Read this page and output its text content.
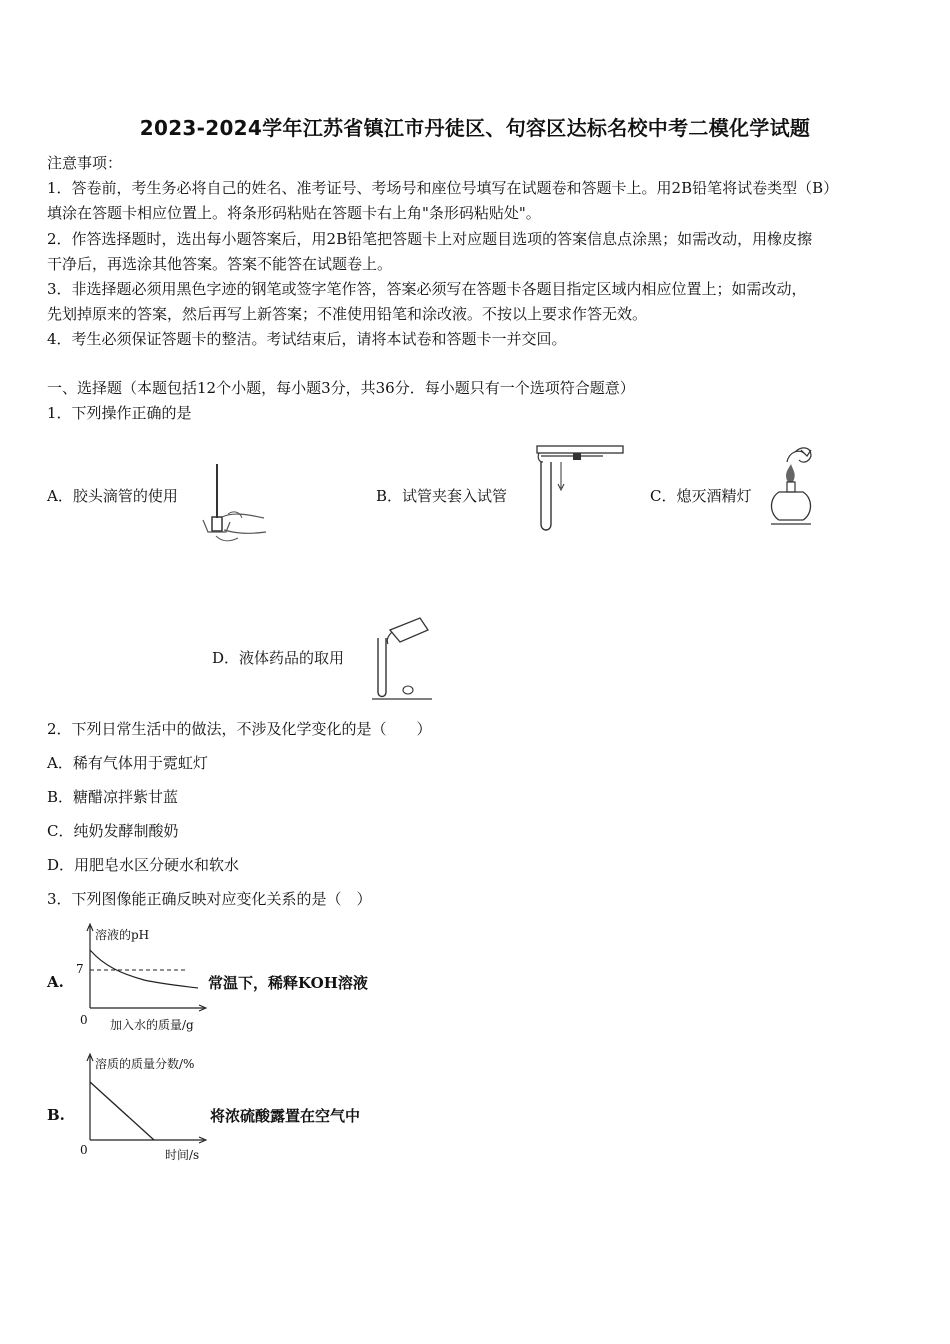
2023-2024学年江苏省镇江市丹徒区、句容区达标名校中考二模化学试题
注意事项：
1．答卷前，考生务必将自己的姓名、准考证号、考场号和座位号填写在试题卷和答题卡上。用2B铅笔将试卷类型（B）
填涂在答题卡相应位置上。将条形码粘贴在答题卡右上角"条形码粘贴处"。
2．作答选择题时，选出每小题答案后，用2B铅笔把答题卡上对应题目选项的答案信息点涂黑；如需改动，用橡皮擦
干净后，再选涂其他答案。答案不能答在试题卷上。
3．非选择题必须用黑色字迹的钢笔或签字笔作答，答案必须写在答题卡各题目指定区域内相应位置上；如需改动，
先划掉原来的答案，然后再写上新答案；不准使用铅笔和涂改液。不按以上要求作答无效。
4．考生必须保证答题卡的整洁。考试结束后，请将本试卷和答题卡一并交回。
一、选择题（本题包括12个小题，每小题3分，共36分．每小题只有一个选项符合题意）
1．下列操作正确的是
A．胶头滴管的使用	B．试管夹套入试管	C．熄灭酒精灯
D．液体药品的取用
2．下列日常生活中的做法，不涉及化学变化的是（　　）
A．稀有气体用于霓虹灯
B．糖醋凉拌紫甘蓝
C．纯奶发酵制酸奶
D．用肥皂水区分硬水和软水
3．下列图像能正确反映对应变化关系的是（　）
A.
溶液的pH
7
0 加入水的质量/g
常温下，稀释KOH溶液
B.
溶质的质量分数/%
0	时间/s
将浓硫酸露置在空气中
